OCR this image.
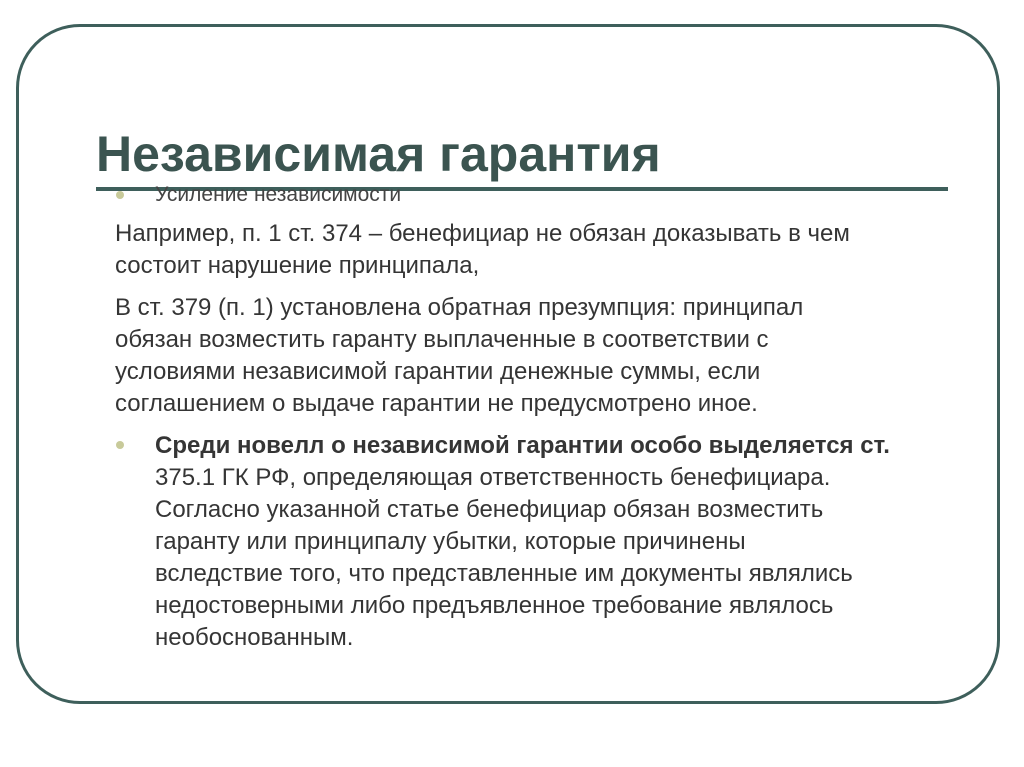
Независимая гарантия
Усиление независимости
Например, п. 1 ст. 374 – бенефициар не обязан доказывать в чем
состоит нарушение принципала,
В ст. 379 (п. 1) установлена обратная презумпция: принципал
обязан возместить гаранту выплаченные в соответствии с
условиями независимой гарантии денежные суммы, если
соглашением о выдаче гарантии не предусмотрено иное.
Среди новелл о независимой гарантии особо выделяется ст.
375.1 ГК РФ, определяющая ответственность бенефициара.
Согласно указанной статье бенефициар обязан возместить
гаранту или принципалу убытки, которые причинены
вследствие того, что представленные им документы являлись
недостоверными либо предъявленное требование являлось
необоснованным.
